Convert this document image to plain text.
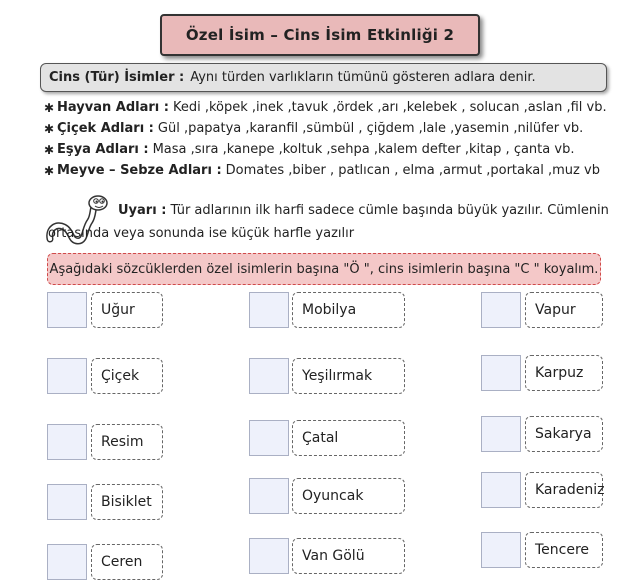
Özel İsim – Cins İsim Etkinliği 2
Cins (Tür) İsimler : Aynı türden varlıkların tümünü gösteren adlara denir.
✱ Hayvan Adları : Kedi ,köpek ,inek ,tavuk ,ördek ,arı ,kelebek , solucan ,aslan ,fil vb.
✱ Çiçek Adları : Gül ,papatya ,karanfil ,sümbül , çiğdem ,lale ,yasemin ,nilüfer vb.
✱ Eşya Adları : Masa ,sıra ,kanepe ,koltuk ,sehpa ,kalem defter ,kitap , çanta vb.
✱ Meyve – Sebze Adları : Domates ,biber , patlıcan , elma ,armut ,portakal ,muz vb
Uyarı : Tür adlarının ilk harfi sadece cümle başında büyük yazılır. Cümlenin
ortasında veya sonunda ise küçük harfle yazılır
Aşağıdaki sözcüklerden özel isimlerin başına "Ö ", cins isimlerin başına "C " koyalım.
Uğur
Çiçek
Resim
Bisiklet
Ceren
Mobilya
Yeşilırmak
Çatal
Oyuncak
Van Gölü
Vapur
Karpuz
Sakarya
Karadeniz
Tencere
